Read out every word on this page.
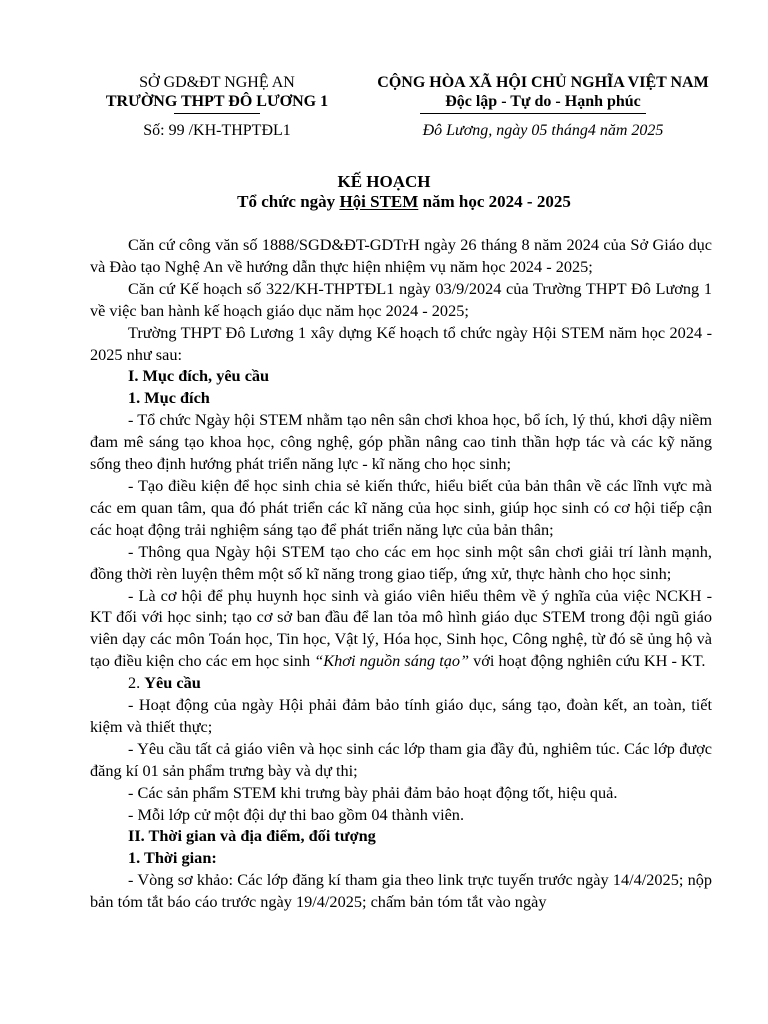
SỞ GD&ĐT NGHỆ AN
TRƯỜNG THPT ĐÔ LƯƠNG 1
Số: 99 /KH-THPTĐL1
CỘNG HÒA XÃ HỘI CHỦ NGHĨA VIỆT NAM
Độc lập - Tự do - Hạnh phúc
Đô Lương, ngày 05 tháng4 năm 2025
KẾ HOẠCH
Tổ chức ngày Hội STEM năm học 2024 - 2025

Căn cứ công văn số 1888/SGD&ĐT-GDTrH ngày 26 tháng 8 năm 2024 của Sở Giáo dục và Đào tạo Nghệ An về hướng dẫn thực hiện nhiệm vụ năm học 2024 - 2025;

Căn cứ Kế hoạch số 322/KH-THPTĐL1 ngày 03/9/2024 của Trường THPT Đô Lương 1 về việc ban hành kế hoạch giáo dục năm học 2024 - 2025;

Trường THPT Đô Lương 1 xây dựng Kế hoạch tổ chức ngày Hội STEM năm học 2024 - 2025 như sau:

I. Mục đích, yêu cầu

1. Mục đích

- Tổ chức Ngày hội STEM nhằm tạo nên sân chơi khoa học, bổ ích, lý thú, khơi dậy niềm đam mê sáng tạo khoa học, công nghệ, góp phần nâng cao tinh thần hợp tác và các kỹ năng sống theo định hướng phát triển năng lực - kĩ năng cho học sinh;

- Tạo điều kiện để học sinh chia sẻ kiến thức, hiểu biết của bản thân về các lĩnh vực mà các em quan tâm, qua đó phát triển các kĩ năng của học sinh, giúp học sinh có cơ hội tiếp cận các hoạt động trải nghiệm sáng tạo để phát triển năng lực của bản thân;

- Thông qua Ngày hội STEM tạo cho các em học sinh một sân chơi giải trí lành mạnh, đồng thời rèn luyện thêm một số kĩ năng trong giao tiếp, ứng xử, thực hành cho học sinh;

- Là cơ hội để phụ huynh học sinh và giáo viên hiểu thêm về ý nghĩa của việc NCKH - KT đối với học sinh; tạo cơ sở ban đầu để lan tỏa mô hình giáo dục STEM trong đội ngũ giáo viên dạy các môn Toán học, Tin học, Vật lý, Hóa học, Sinh học, Công nghệ, từ đó sẽ ủng hộ và tạo điều kiện cho các em học sinh “Khơi nguồn sáng tạo” với hoạt động nghiên cứu KH - KT.

2. Yêu cầu

- Hoạt động của ngày Hội phải đảm bảo tính giáo dục, sáng tạo, đoàn kết, an toàn, tiết kiệm và thiết thực;

- Yêu cầu tất cả giáo viên và học sinh các lớp tham gia đầy đủ, nghiêm túc. Các lớp được đăng kí 01 sản phẩm trưng bày và dự thi;

- Các sản phẩm STEM khi trưng bày phải đảm bảo hoạt động tốt, hiệu quả.

- Mỗi lớp cử một đội dự thi bao gồm 04 thành viên.

II. Thời gian và địa điểm, đối tượng

1. Thời gian:

- Vòng sơ khảo: Các lớp đăng kí tham gia theo link trực tuyến trước ngày 14/4/2025; nộp bản tóm tắt báo cáo trước ngày 19/4/2025; chấm bản tóm tắt vào ngày
